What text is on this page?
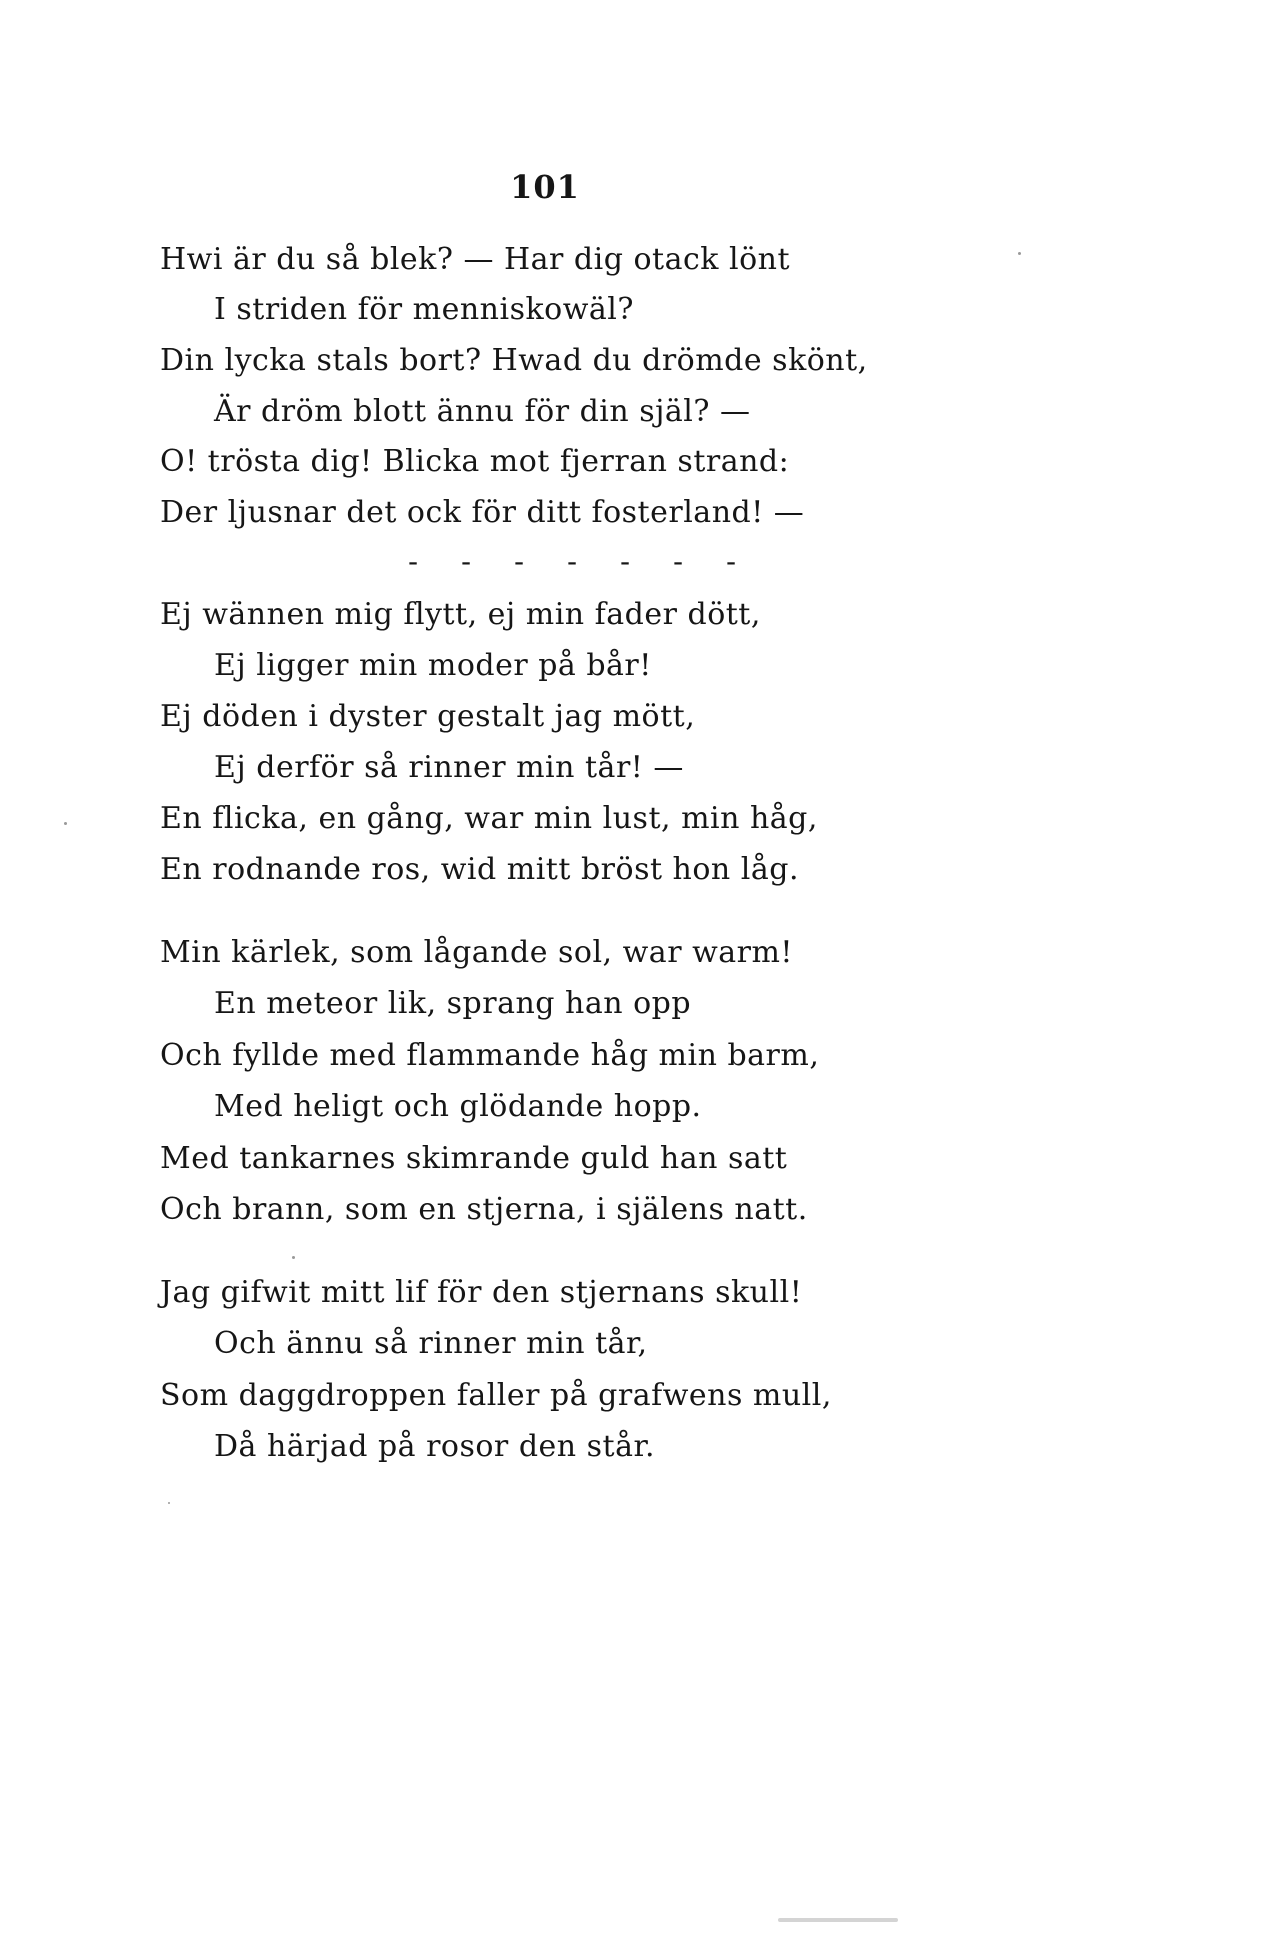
101
Hwi är du så blek? — Har dig otack lönt
I striden för menniskowäl?
Din lycka stals bort? Hwad du drömde skönt,
Är dröm blott ännu för din själ? —
O! trösta dig! Blicka mot fjerran strand:
Der ljusnar det ock för ditt fosterland! —
- - - - - - -
Ej wännen mig flytt, ej min fader dött,
Ej ligger min moder på bår!
Ej döden i dyster gestalt jag mött,
Ej derför så rinner min tår! —
En flicka, en gång, war min lust, min håg,
En rodnande ros, wid mitt bröst hon låg.
Min kärlek, som lågande sol, war warm!
En meteor lik, sprang han opp
Och fyllde med flammande håg min barm,
Med heligt och glödande hopp.
Med tankarnes skimrande guld han satt
Och brann, som en stjerna, i själens natt.
Jag gifwit mitt lif för den stjernans skull!
Och ännu så rinner min tår,
Som daggdroppen faller på grafwens mull,
Då härjad på rosor den står.
